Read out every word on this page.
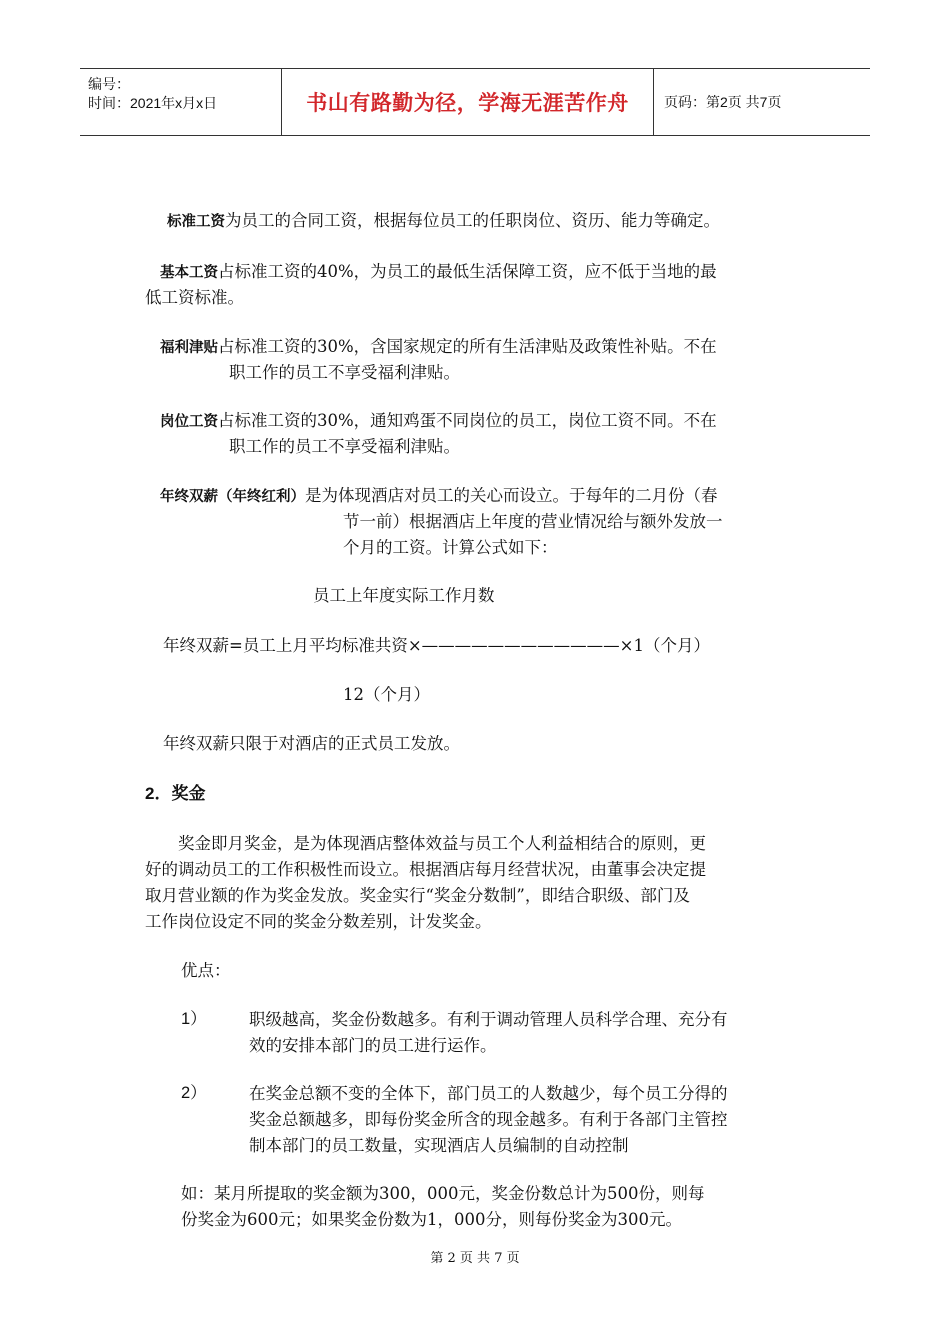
编号：
时间：2021年x月x日	书山有路勤为径，学海无涯苦作舟	页码：第2页 共7页
标准工资为员工的合同工资，根据每位员工的任职岗位、资历、能力等确定。
基本工资占标准工资的40%，为员工的最低生活保障工资，应不低于当地的最
低工资标准。
福利津贴占标准工资的30%，含国家规定的所有生活津贴及政策性补贴。不在
职工作的员工不享受福利津贴。
岗位工资占标准工资的30%，通知鸡蛋不同岗位的员工，岗位工资不同。不在
职工作的员工不享受福利津贴。
年终双薪（年终红利）是为体现酒店对员工的关心而设立。于每年的二月份（春
节一前）根据酒店上年度的营业情况给与额外发放一
个月的工资。计算公式如下：
员工上年度实际工作月数
年终双薪=员工上月平均标准共资×————————————×1（个月）
12（个月）
年终双薪只限于对酒店的正式员工发放。
2．奖金
奖金即月奖金，是为体现酒店整体效益与员工个人利益相结合的原则，更
好的调动员工的工作积极性而设立。根据酒店每月经营状况，由董事会决定提
取月营业额的作为奖金发放。奖金实行“奖金分数制”，即结合职级、部门及
工作岗位设定不同的奖金分数差别，计发奖金。
优点：
1）	职级越高，奖金份数越多。有利于调动管理人员科学合理、充分有
效的安排本部门的员工进行运作。
2）	在奖金总额不变的全体下，部门员工的人数越少，每个员工分得的
奖金总额越多，即每份奖金所含的现金越多。有利于各部门主管控
制本部门的员工数量，实现酒店人员编制的自动控制
如：某月所提取的奖金额为300，000元，奖金份数总计为500份，则每
份奖金为600元；如果奖金份数为1，000分，则每份奖金为300元。
第 2 页 共 7 页
